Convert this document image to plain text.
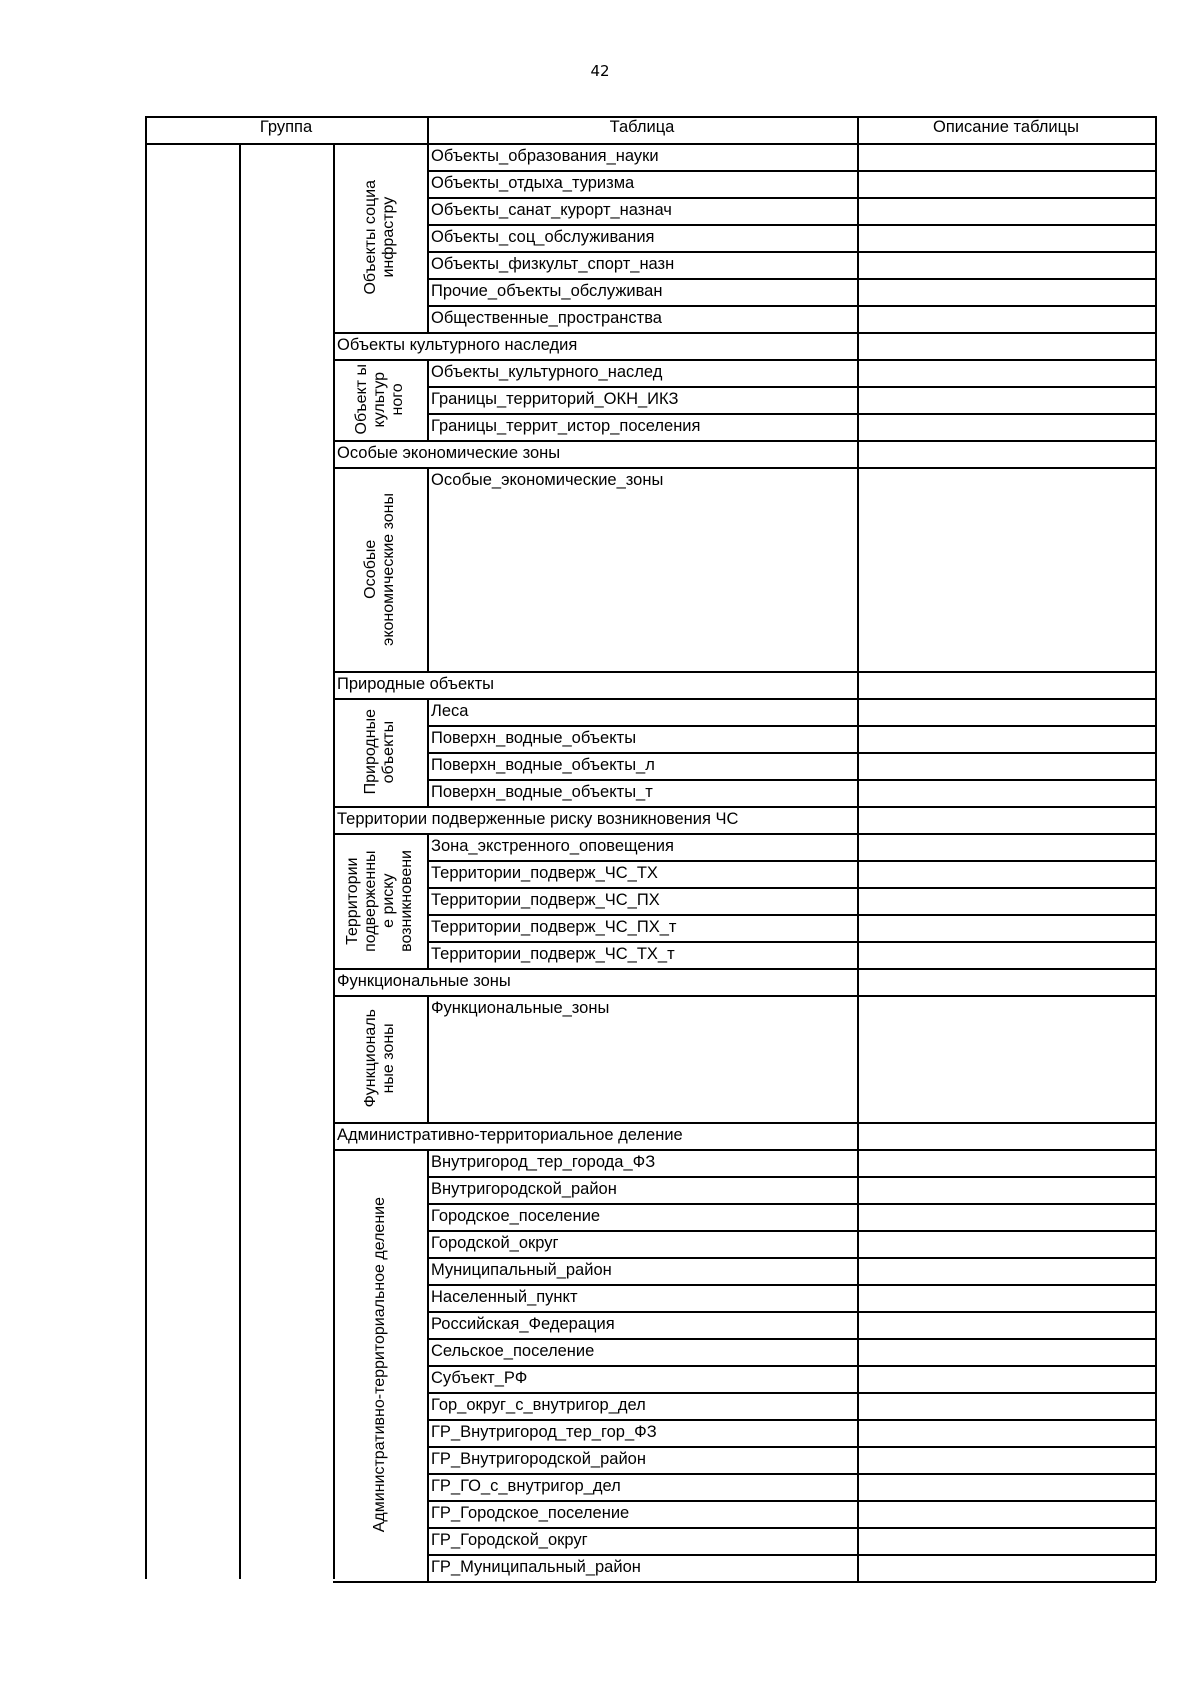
42
Группа	Таблица	Описание таблицы
Объекты социа
инфрастру
Объекты_образования_науки
Объекты_отдыха_туризма
Объекты_санат_курорт_назнач
Объекты_соц_обслуживания
Объекты_физкульт_спорт_назн
Прочие_объекты_обслуживан
Общественные_пространства
Объекты культурного наследия
Объект ы
культур
ного
Объекты_культурного_наслед
Границы_территорий_ОКН_ИКЗ
Границы_террит_истор_поселения
Особые экономические зоны
Особые
экономические зоны
Особые_экономические_зоны
Природные объекты
Природные
объекты
Леса
Поверхн_водные_объекты
Поверхн_водные_объекты_л
Поверхн_водные_объекты_т
Территории подверженные риску возникновения ЧС
Территории
подверженны
е риску
возникновени
Зона_экстренного_оповещения
Территории_подверж_ЧС_ТХ
Территории_подверж_ЧС_ПХ
Территории_подверж_ЧС_ПХ_т
Территории_подверж_ЧС_ТХ_т
Функциональные зоны
Функциональ
ные зоны
Функциональные_зоны
Административно-территориальное деление
Административно-территориальное деление
Внутригород_тер_города_ФЗ
Внутригородской_район
Городское_поселение
Городской_округ
Муниципальный_район
Населенный_пункт
Российская_Федерация
Сельское_поселение
Субъект_РФ
Гор_округ_с_внутригор_дел
ГР_Внутригород_тер_гор_ФЗ
ГР_Внутригородской_район
ГР_ГО_с_внутригор_дел
ГР_Городское_поселение
ГР_Городской_округ
ГР_Муниципальный_район
